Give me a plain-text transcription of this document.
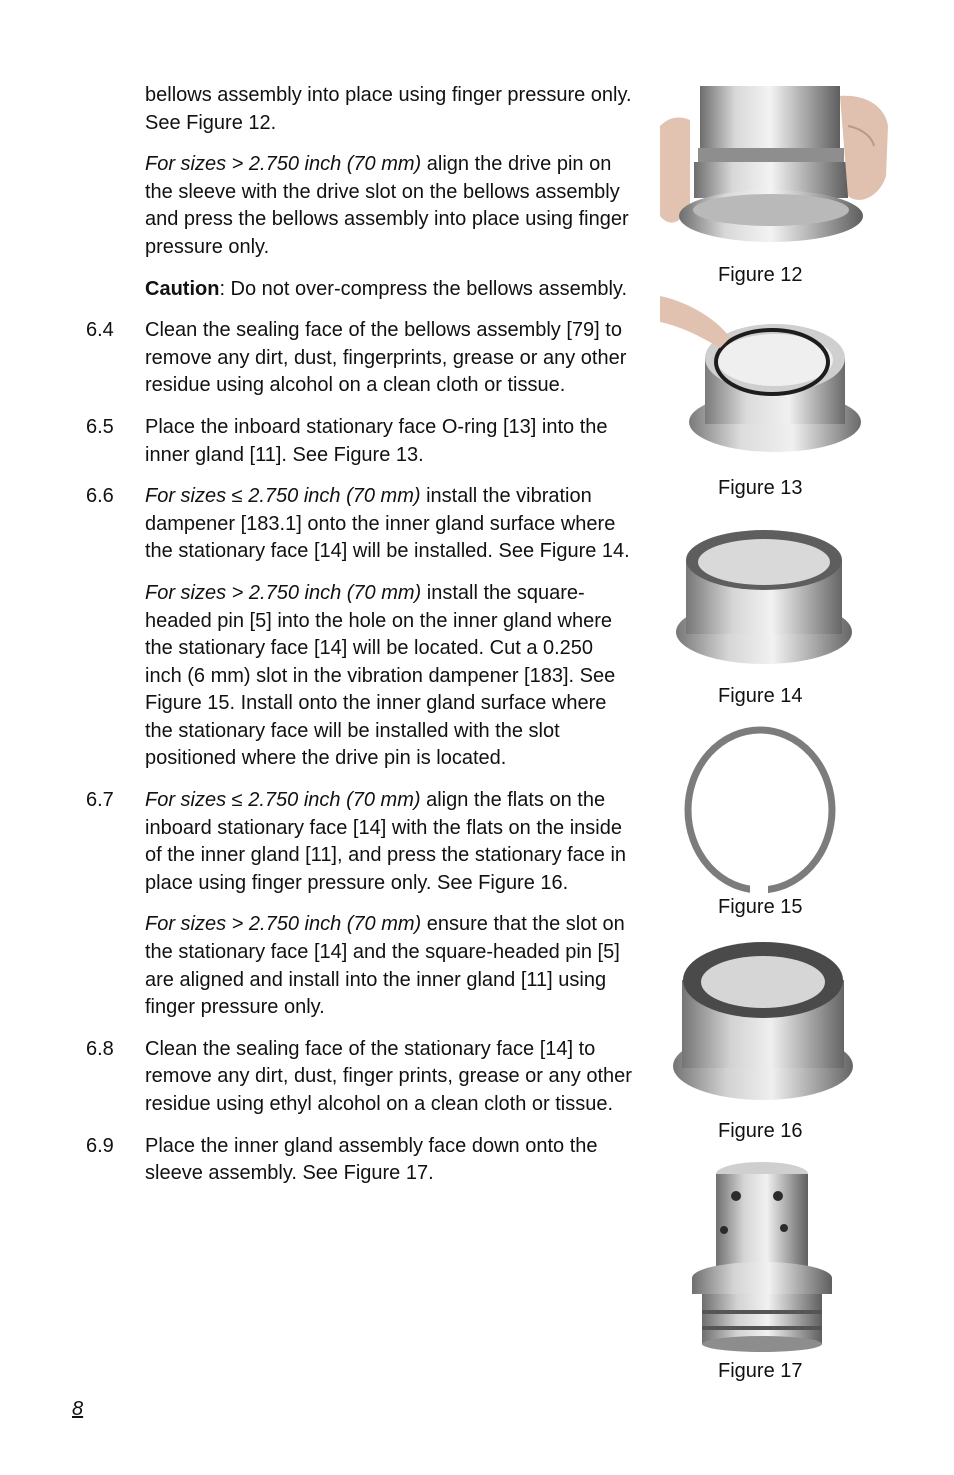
bellows assembly into place using finger pressure only. See Figure 12.

For sizes > 2.750 inch (70 mm) align the drive pin on the sleeve with the drive slot on the bellows assembly and press the bellows assembly into place using finger pressure only.

Caution: Do not over-compress the bellows assembly.

6.4 Clean the sealing face of the bellows assembly [79] to remove any dirt, dust, fingerprints, grease or any other residue using alcohol on a clean cloth or tissue.

6.5 Place the inboard stationary face O-ring [13] into the inner gland [11]. See Figure 13.

6.6 For sizes ≤ 2.750 inch (70 mm) install the vibration dampener [183.1] onto the inner gland surface where the stationary face [14] will be installed. See Figure 14.

For sizes > 2.750 inch (70 mm) install the square-headed pin [5] into the hole on the inner gland where the stationary face [14] will be located. Cut a 0.250 inch (6 mm) slot in the vibration dampener [183]. See Figure 15. Install onto the inner gland surface where the stationary face will be installed with the slot positioned where the drive pin is located.

6.7 For sizes ≤ 2.750 inch (70 mm) align the flats on the inboard stationary face [14] with the flats on the inside of the inner gland [11], and press the stationary face in place using finger pressure only. See Figure 16.

For sizes > 2.750 inch (70 mm) ensure that the slot on the stationary face [14] and the square-headed pin [5] are aligned and install into the inner gland [11] using finger pressure only.

6.8 Clean the sealing face of the stationary face [14] to remove any dirt, dust, finger prints, grease or any other residue using ethyl alcohol on a clean cloth or tissue.

6.9 Place the inner gland assembly face down onto the sleeve assembly. See Figure 17.

Figure 12
Figure 13
Figure 14
Figure 15
Figure 16
Figure 17
8
